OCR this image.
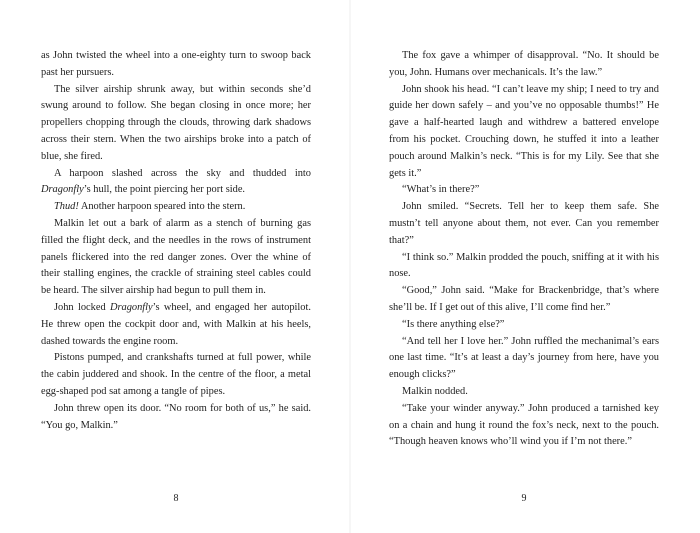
as John twisted the wheel into a one-eighty turn to swoop back past her pursuers.

The silver airship shrunk away, but within seconds she’d swung around to follow. She began closing in once more; her propellers chopping through the clouds, throwing dark shadows across their stern. When the two airships broke into a patch of blue, she fired.

A harpoon slashed across the sky and thudded into Dragonfly’s hull, the point piercing her port side.

Thud! Another harpoon speared into the stern.

Malkin let out a bark of alarm as a stench of burning gas filled the flight deck, and the needles in the rows of instrument panels flickered into the red danger zones. Over the whine of their stalling engines, the crackle of straining steel cables could be heard. The silver airship had begun to pull them in.

John locked Dragonfly’s wheel, and engaged her autopilot. He threw open the cockpit door and, with Malkin at his heels, dashed towards the engine room.

Pistons pumped, and crankshafts turned at full power, while the cabin juddered and shook. In the centre of the floor, a metal egg-shaped pod sat among a tangle of pipes.

John threw open its door. “No room for both of us,” he said. “You go, Malkin.”

8

The fox gave a whimper of disapproval. “No. It should be you, John. Humans over mechanicals. It’s the law.”

John shook his head. “I can’t leave my ship; I need to try and guide her down safely – and you’ve no opposable thumbs!” He gave a half-hearted laugh and withdrew a battered envelope from his pocket. Crouching down, he stuffed it into a leather pouch around Malkin’s neck. “This is for my Lily. See that she gets it.”

“What’s in there?”

John smiled. “Secrets. Tell her to keep them safe. She mustn’t tell anyone about them, not ever. Can you remember that?”

“I think so.” Malkin prodded the pouch, sniffing at it with his nose.

“Good,” John said. “Make for Brackenbridge, that’s where she’ll be. If I get out of this alive, I’ll come find her.”

“Is there anything else?”

“And tell her I love her.” John ruffled the mechanimal’s ears one last time. “It’s at least a day’s journey from here, have you enough clicks?”

Malkin nodded.

“Take your winder anyway.” John produced a tarnished key on a chain and hung it round the fox’s neck, next to the pouch. “Though heaven knows who’ll wind you if I’m not there.”

9
